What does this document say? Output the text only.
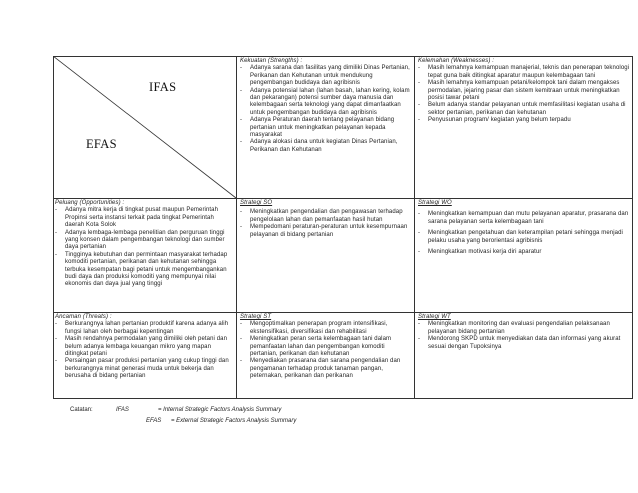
IFAS
EFAS
Kekuatan (Strengths) :
- Adanya sarana dan fasilitas yang dimiliki Dinas Pertanian, Perikanan dan Kehutanan untuk mendukung pengembangan budidaya dan agribisnis
- Adanya potensial lahan (lahan basah, lahan kering, kolam dan pekarangan) potensi sumber daya manusia dan kelembagaan serta teknologi yang dapat dimanfaatkan untuk pengembangan budidaya dan agribisnis
- Adanya Peraturan daerah tentang pelayanan bidang pertanian untuk meningkatkan pelayanan kepada masyarakat
- Adanya alokasi dana untuk kegiatan Dinas Pertanian, Perikanan dan Kehutanan
Kelemahan (Weaknesses) :
- Masih lemahnya kemampuan manajerial, teknis dan penerapan teknologi tepat guna baik ditingkat aparatur maupun kelembagaan tani
- Masih lemahnya kemampuan petani/kelompok tani dalam mengakses permodalan, jejaring pasar dan sistem kemitraan untuk meningkatkan posisi tawar petani
- Belum adanya standar pelayanan untuk memfasilitasi kegiatan usaha di sektor pertanian, perikanan dan kehutanan
- Penyusunan program/ kegiatan yang belum terpadu
Peluang (Opportunities) :
- Adanya mitra kerja di tingkat pusat maupun Pemerintah Propinsi serta instansi terkait pada tingkat Pemerintah daerah Kota Solok
- Adanya lembaga-lembaga penelitian dan perguruan tinggi yang konsen dalam pengembangan teknologi dan sumber daya pertanian
- Tingginya kebutuhan dan permintaan masyarakat terhadap komoditi pertanian, perikanan dan kehutanan sehingga terbuka kesempatan bagi petani untuk mengembangankan budi daya dan produksi komoditi yang mempunyai nilai ekonomis dan daya jual yang tinggi
Strategi SO
- Meningkatkan pengendalian dan pengawasan terhadap pengelolaan lahan dan pemanfaatan hasil hutan
- Mempedomani peraturan-peraturan untuk kesempurnaan pelayanan di bidang pertanian
Strategi WO
- Meningkatkan kemampuan dan mutu pelayanan aparatur, prasarana dan sarana pelayanan serta kelembagaan tani
- Meningkatkan pengetahuan dan keterampilan petani sehingga menjadi pelaku usaha yang berorientasi agribisnis
- Meningkatkan motivasi kerja diri aparatur
Ancaman (Threats) :
- Berkurangnya lahan pertanian produktif karena adanya alih fungsi lahan oleh berbagai kepentingan
- Masih rendahnya permodalan yang dimiliki oleh petani dan belum adanya lembaga keuangan mikro yang mapan ditingkat petani
- Persaingan pasar produksi pertanian yang cukup tinggi dan berkurangnya minat generasi muda untuk bekerja dan berusaha di bidang pertanian
Strategi ST
- Mengoptimalkan penerapan program intensifikasi, ekstensifikasi, diversifikasi dan rehabilitasi
- Meningkatkan peran serta kelembagaan tani dalam pemanfaatan lahan dan pengembangan komoditi pertanian, perikanan dan kehutanan
- Menyediakan prasarana dan sarana pengendalian dan pengamanan terhadap produk tanaman pangan, peternakan, perikanan dan perikanan
Strategi WT
- Meningkatkan monitoring dan evaluasi pengendalian pelaksanaan pelayanan bidang pertanian
- Mendorong SKPD untuk menyediakan data dan informasi yang akurat sesuai dengan Tupoksinya
Catatan:	IFAS	= Internal Strategic Factors Analysis Summary
EFAS = External Strategic Factors Analysis Summary
